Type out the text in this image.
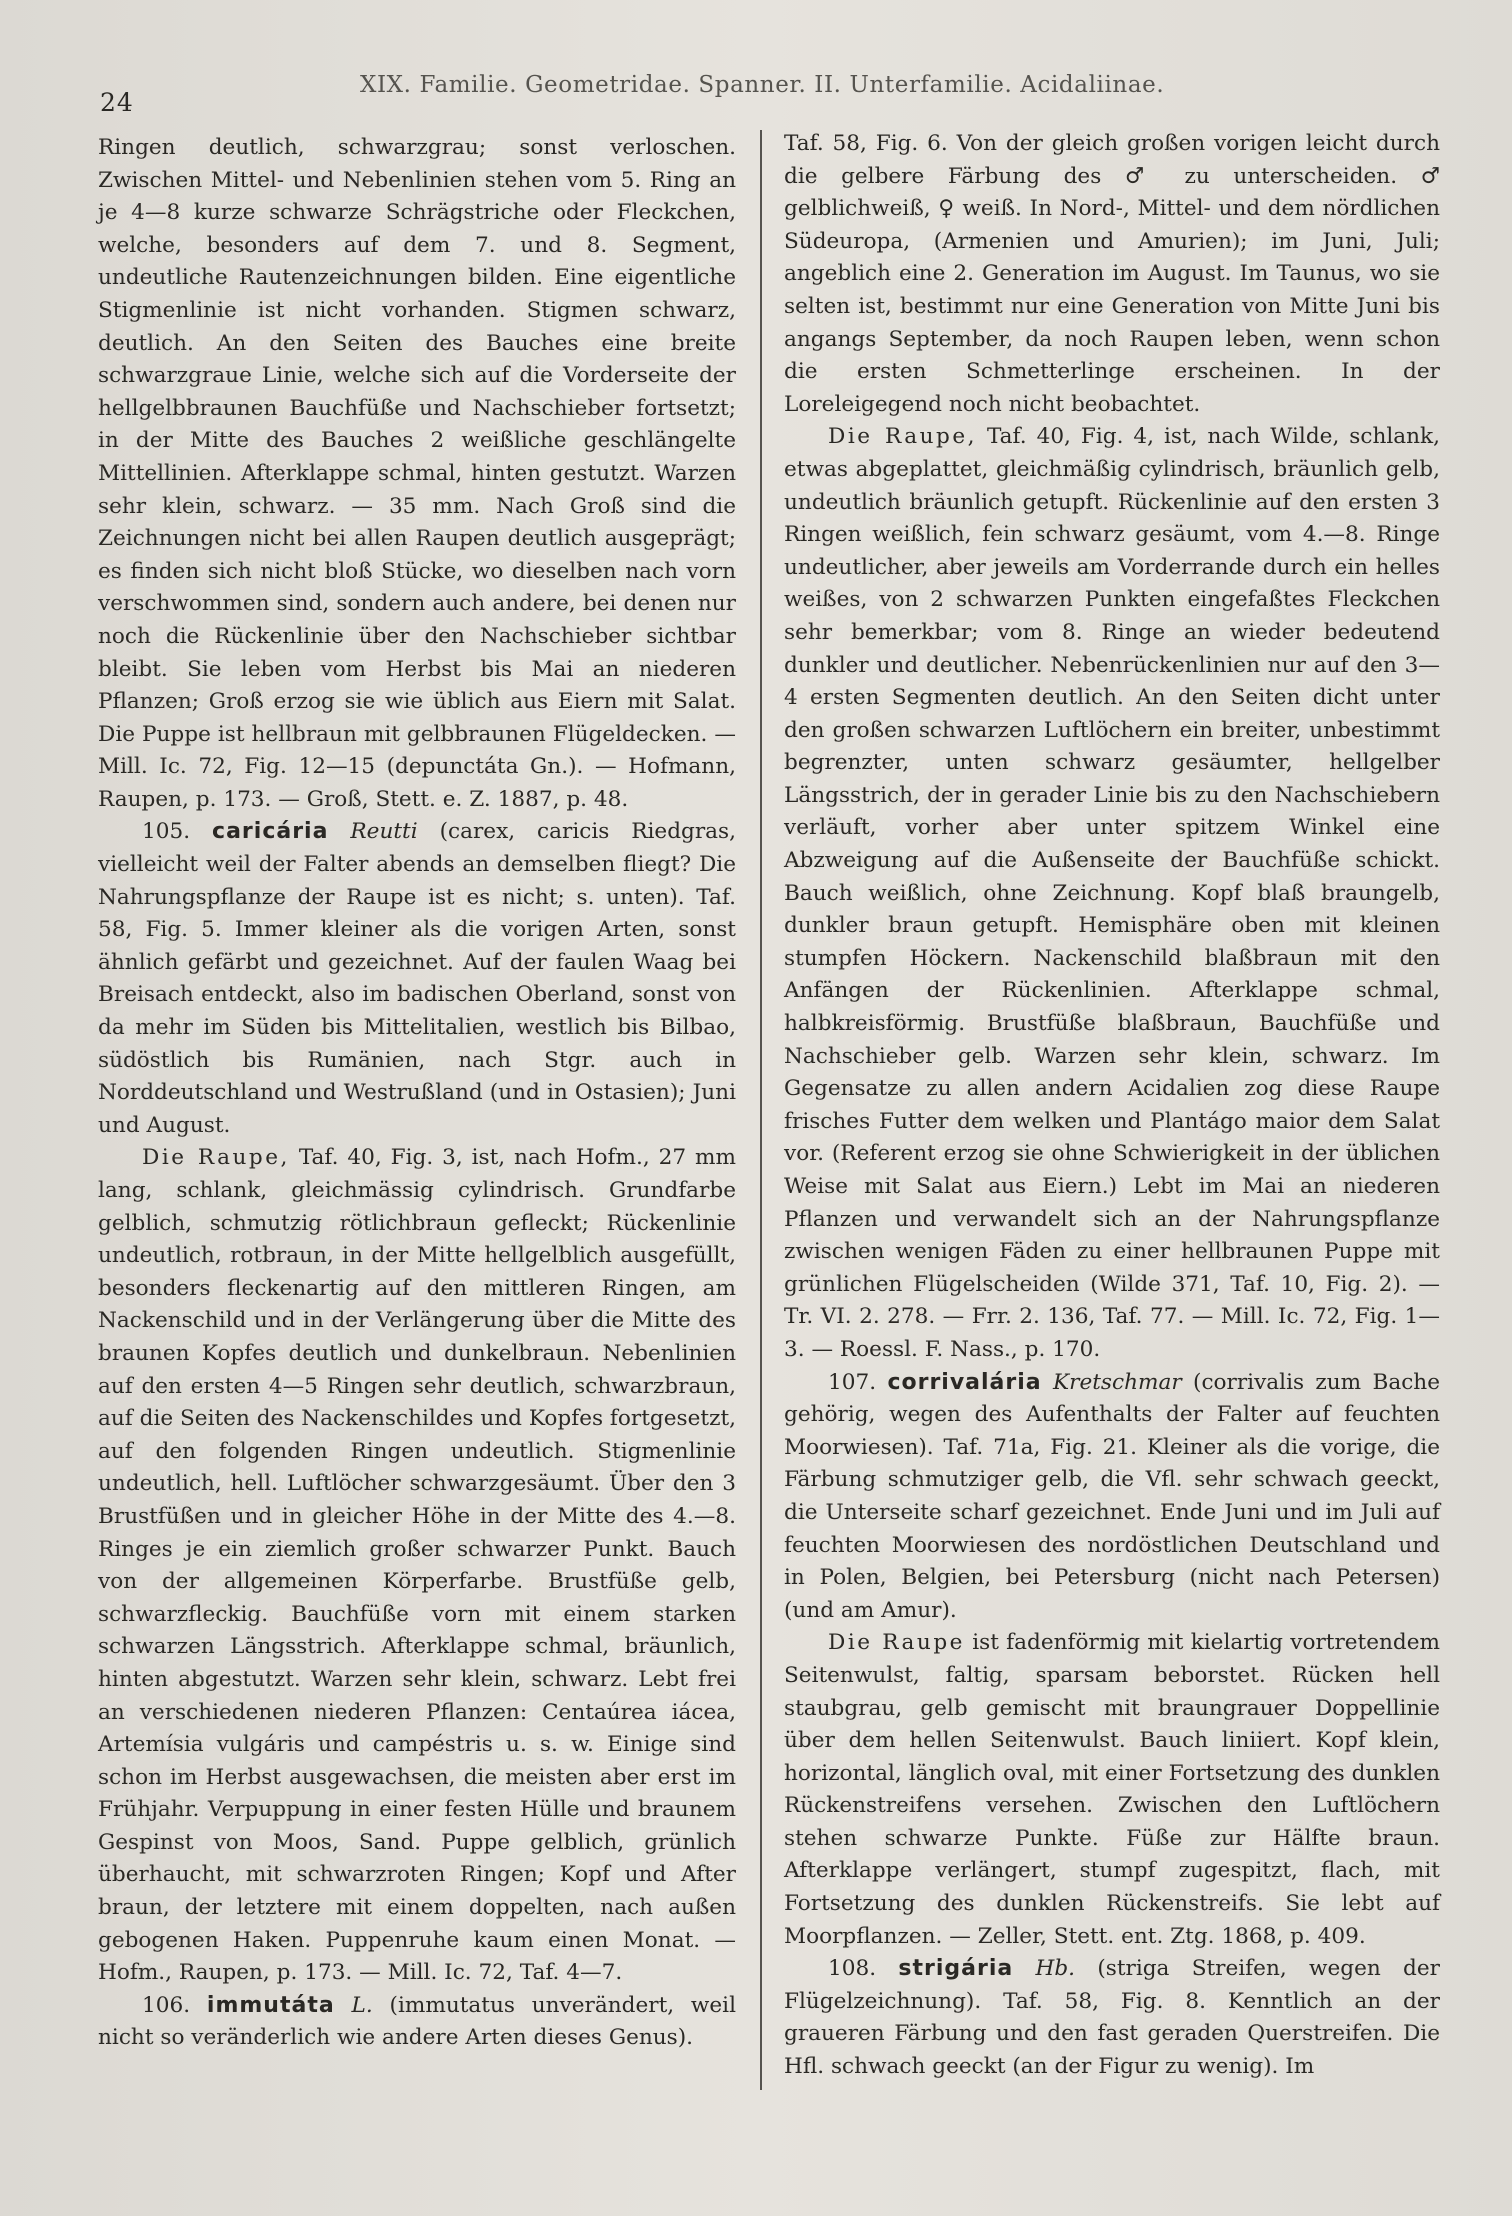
24
XIX. Familie. Geometridae. Spanner. II. Unterfamilie. Acidaliinae.

Ringen deutlich, schwarzgrau; sonst verloschen. Zwischen Mittel- und Nebenlinien stehen vom 5. Ring an je 4—8 kurze schwarze Schrägstriche oder Fleckchen, welche, besonders auf dem 7. und 8. Segment, undeutliche Rautenzeichnungen bilden. Eine eigentliche Stigmenlinie ist nicht vorhanden. Stigmen schwarz, deutlich. An den Seiten des Bauches eine breite schwarzgraue Linie, welche sich auf die Vorderseite der hellgelbbraunen Bauchfüße und Nachschieber fortsetzt; in der Mitte des Bauches 2 weißliche geschlängelte Mittellinien. Afterklappe schmal, hinten gestutzt. Warzen sehr klein, schwarz. — 35 mm. Nach Groß sind die Zeichnungen nicht bei allen Raupen deutlich ausgeprägt; es finden sich nicht bloß Stücke, wo dieselben nach vorn verschwommen sind, sondern auch andere, bei denen nur noch die Rückenlinie über den Nachschieber sichtbar bleibt. Sie leben vom Herbst bis Mai an niederen Pflanzen; Groß erzog sie wie üblich aus Eiern mit Salat. Die Puppe ist hellbraun mit gelbbraunen Flügeldecken. — Mill. Ic. 72, Fig. 12—15 (depunctáta Gn.). — Hofmann, Raupen, p. 173. — Groß, Stett. e. Z. 1887, p. 48.

105. caricária Reutti (carex, caricis Riedgras, vielleicht weil der Falter abends an demselben fliegt? Die Nahrungspflanze der Raupe ist es nicht; s. unten). Taf. 58, Fig. 5. Immer kleiner als die vorigen Arten, sonst ähnlich gefärbt und gezeichnet. Auf der faulen Waag bei Breisach entdeckt, also im badischen Oberland, sonst von da mehr im Süden bis Mittelitalien, westlich bis Bilbao, südöstlich bis Rumänien, nach Stgr. auch in Norddeutschland und Westrußland (und in Ostasien); Juni und August.

Die Raupe, Taf. 40, Fig. 3, ist, nach Hofm., 27 mm lang, schlank, gleichmässig cylindrisch. Grundfarbe gelblich, schmutzig rötlichbraun gefleckt; Rückenlinie undeutlich, rotbraun, in der Mitte hellgelblich ausgefüllt, besonders fleckenartig auf den mittleren Ringen, am Nackenschild und in der Verlängerung über die Mitte des braunen Kopfes deutlich und dunkelbraun. Nebenlinien auf den ersten 4—5 Ringen sehr deutlich, schwarzbraun, auf die Seiten des Nackenschildes und Kopfes fortgesetzt, auf den folgenden Ringen undeutlich. Stigmenlinie undeutlich, hell. Luftlöcher schwarzgesäumt. Über den 3 Brustfüßen und in gleicher Höhe in der Mitte des 4.—8. Ringes je ein ziemlich großer schwarzer Punkt. Bauch von der allgemeinen Körperfarbe. Brustfüße gelb, schwarzfleckig. Bauchfüße vorn mit einem starken schwarzen Längsstrich. Afterklappe schmal, bräunlich, hinten abgestutzt. Warzen sehr klein, schwarz. Lebt frei an verschiedenen niederen Pflanzen: Centaúrea iácea, Artemísia vulgáris und campéstris u. s. w. Einige sind schon im Herbst ausgewachsen, die meisten aber erst im Frühjahr. Verpuppung in einer festen Hülle und braunem Gespinst von Moos, Sand. Puppe gelblich, grünlich überhaucht, mit schwarzroten Ringen; Kopf und After braun, der letztere mit einem doppelten, nach außen gebogenen Haken. Puppenruhe kaum einen Monat. — Hofm., Raupen, p. 173. — Mill. Ic. 72, Taf. 4—7.

106. immutáta L. (immutatus unverändert, weil nicht so veränderlich wie andere Arten dieses Genus).

Taf. 58, Fig. 6. Von der gleich großen vorigen leicht durch die gelbere Färbung des ♂ zu unterscheiden. ♂ gelblichweiß, ♀ weiß. In Nord-, Mittel- und dem nördlichen Südeuropa, (Armenien und Amurien); im Juni, Juli; angeblich eine 2. Generation im August. Im Taunus, wo sie selten ist, bestimmt nur eine Generation von Mitte Juni bis angangs September, da noch Raupen leben, wenn schon die ersten Schmetterlinge erscheinen. In der Loreleigegend noch nicht beobachtet.

Die Raupe, Taf. 40, Fig. 4, ist, nach Wilde, schlank, etwas abgeplattet, gleichmäßig cylindrisch, bräunlich gelb, undeutlich bräunlich getupft. Rückenlinie auf den ersten 3 Ringen weißlich, fein schwarz gesäumt, vom 4.—8. Ringe undeutlicher, aber jeweils am Vorderrande durch ein helles weißes, von 2 schwarzen Punkten eingefaßtes Fleckchen sehr bemerkbar; vom 8. Ringe an wieder bedeutend dunkler und deutlicher. Nebenrückenlinien nur auf den 3—4 ersten Segmenten deutlich. An den Seiten dicht unter den großen schwarzen Luftlöchern ein breiter, unbestimmt begrenzter, unten schwarz gesäumter, hellgelber Längsstrich, der in gerader Linie bis zu den Nachschiebern verläuft, vorher aber unter spitzem Winkel eine Abzweigung auf die Außenseite der Bauchfüße schickt. Bauch weißlich, ohne Zeichnung. Kopf blaß braungelb, dunkler braun getupft. Hemisphäre oben mit kleinen stumpfen Höckern. Nackenschild blaßbraun mit den Anfängen der Rückenlinien. Afterklappe schmal, halbkreisförmig. Brustfüße blaßbraun, Bauchfüße und Nachschieber gelb. Warzen sehr klein, schwarz. Im Gegensatze zu allen andern Acidalien zog diese Raupe frisches Futter dem welken und Plantágo maior dem Salat vor. (Referent erzog sie ohne Schwierigkeit in der üblichen Weise mit Salat aus Eiern.) Lebt im Mai an niederen Pflanzen und verwandelt sich an der Nahrungspflanze zwischen wenigen Fäden zu einer hellbraunen Puppe mit grünlichen Flügelscheiden (Wilde 371, Taf. 10, Fig. 2). — Tr. VI. 2. 278. — Frr. 2. 136, Taf. 77. — Mill. Ic. 72, Fig. 1—3. — Roessl. F. Nass., p. 170.

107. corrivalária Kretschmar (corrivalis zum Bache gehörig, wegen des Aufenthalts der Falter auf feuchten Moorwiesen). Taf. 71a, Fig. 21. Kleiner als die vorige, die Färbung schmutziger gelb, die Vfl. sehr schwach geeckt, die Unterseite scharf gezeichnet. Ende Juni und im Juli auf feuchten Moorwiesen des nordöstlichen Deutschland und in Polen, Belgien, bei Petersburg (nicht nach Petersen) (und am Amur).

Die Raupe ist fadenförmig mit kielartig vortretendem Seitenwulst, faltig, sparsam beborstet. Rücken hell staubgrau, gelb gemischt mit braungrauer Doppellinie über dem hellen Seitenwulst. Bauch liniiert. Kopf klein, horizontal, länglich oval, mit einer Fortsetzung des dunklen Rückenstreifens versehen. Zwischen den Luftlöchern stehen schwarze Punkte. Füße zur Hälfte braun. Afterklappe verlängert, stumpf zugespitzt, flach, mit Fortsetzung des dunklen Rückenstreifs. Sie lebt auf Moorpflanzen. — Zeller, Stett. ent. Ztg. 1868, p. 409.

108. strigária Hb. (striga Streifen, wegen der Flügelzeichnung). Taf. 58, Fig. 8. Kenntlich an der graueren Färbung und den fast geraden Querstreifen. Die Hfl. schwach geeckt (an der Figur zu wenig). Im
